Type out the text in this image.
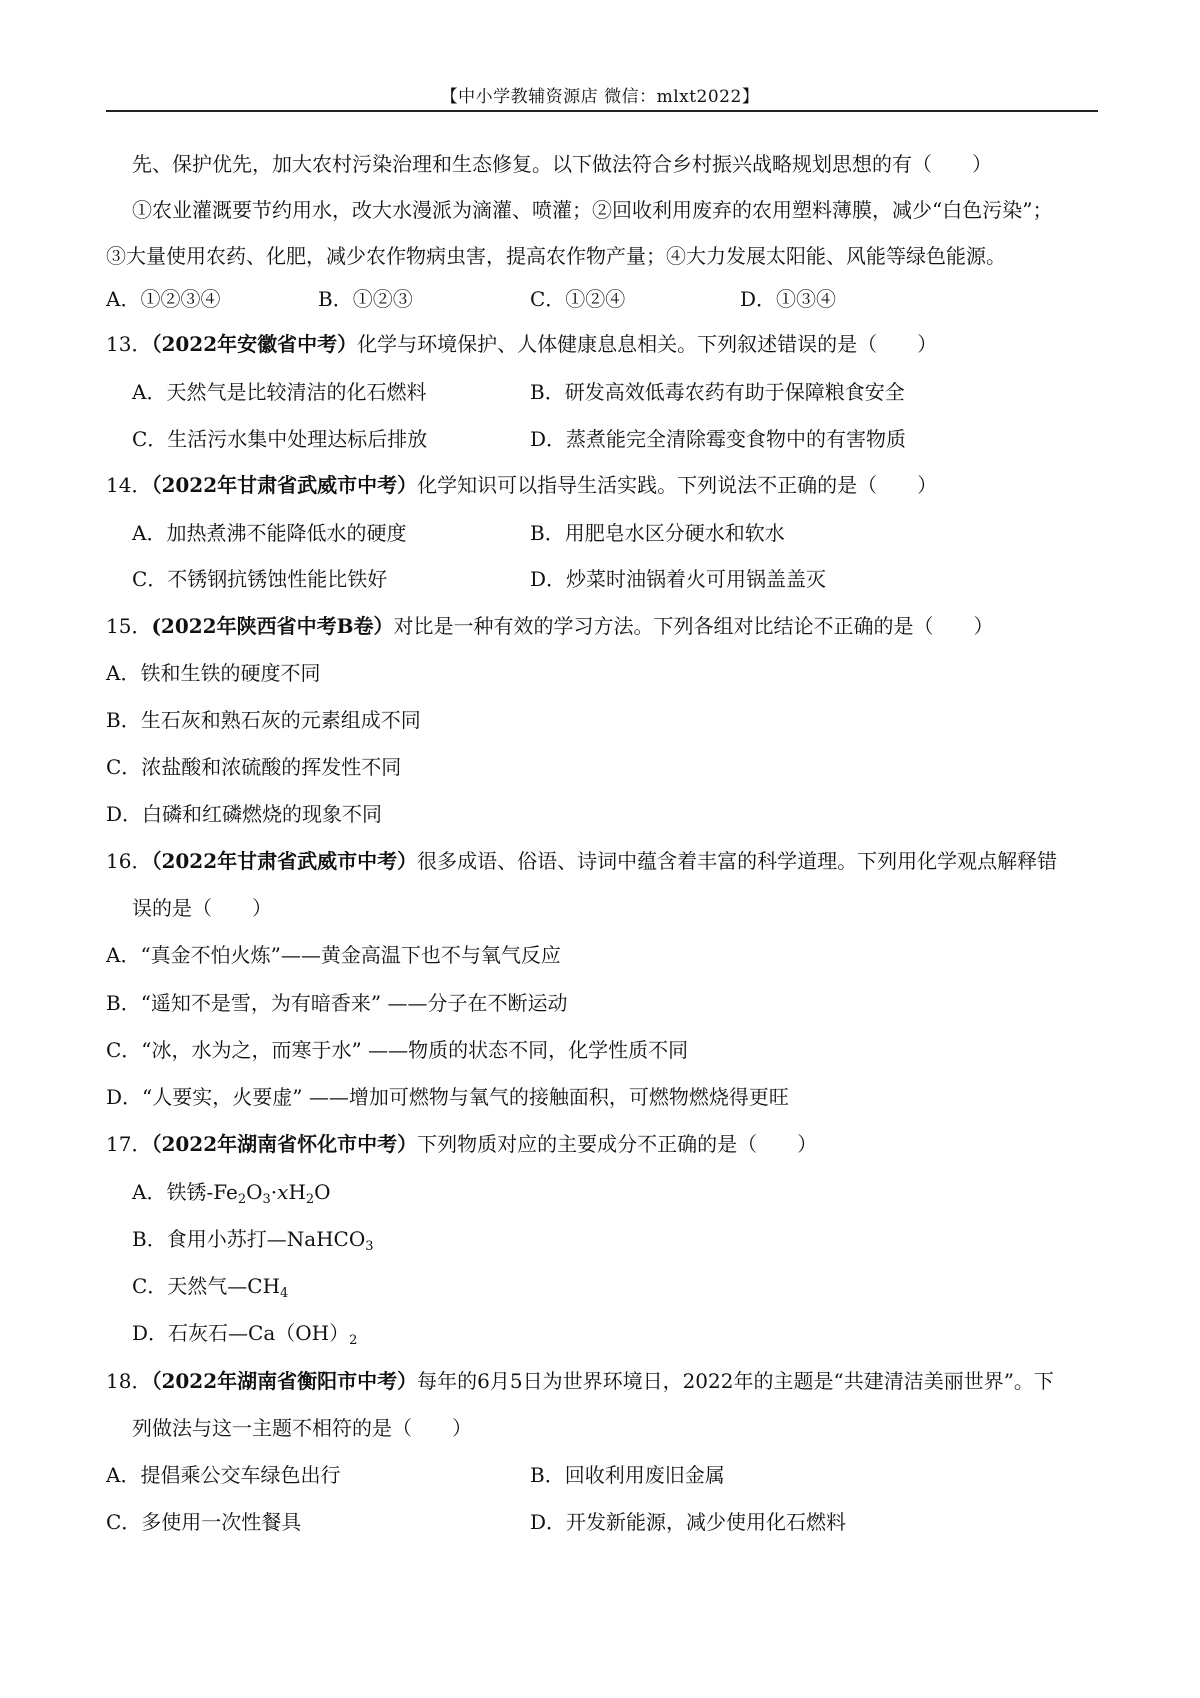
【中小学教辅资源店 微信：mlxt2022】
先、保护优先，加大农村污染治理和生态修复。以下做法符合乡村振兴战略规划思想的有（　　）
①农业灌溉要节约用水，改大水漫派为滴灌、喷灌；②回收利用废弃的农用塑料薄膜，减少“白色污染”；
③大量使用农药、化肥，减少农作物病虫害，提高农作物产量；④大力发展太阳能、风能等绿色能源。
A．①②③④	B．①②③	C．①②④	D．①③④
13．（2022年安徽省中考）化学与环境保护、人体健康息息相关。下列叙述错误的是（　　）
A．天然气是比较清洁的化石燃料	B．研发高效低毒农药有助于保障粮食安全
C．生活污水集中处理达标后排放	D．蒸煮能完全清除霉变食物中的有害物质
14．（2022年甘肃省武威市中考）化学知识可以指导生活实践。下列说法不正确的是（　　）
A．加热煮沸不能降低水的硬度	B．用肥皂水区分硬水和软水
C．不锈钢抗锈蚀性能比铁好	D．炒菜时油锅着火可用锅盖盖灭
15．(2022年陕西省中考B卷）对比是一种有效的学习方法。下列各组对比结论不正确的是（　　）
A．铁和生铁的硬度不同
B．生石灰和熟石灰的元素组成不同
C．浓盐酸和浓硫酸的挥发性不同
D．白磷和红磷燃烧的现象不同
16．（2022年甘肃省武威市中考）很多成语、俗语、诗词中蕴含着丰富的科学道理。下列用化学观点解释错
误的是（　　）
A．“真金不怕火炼”——黄金高温下也不与氧气反应
B．“遥知不是雪，为有暗香来” ——分子在不断运动
C．“冰，水为之，而寒于水” ——物质的状态不同，化学性质不同
D．“人要实，火要虚” ——增加可燃物与氧气的接触面积，可燃物燃烧得更旺
17．（2022年湖南省怀化市中考）下列物质对应的主要成分不正确的是（　　）
A．铁锈$-Fe_2O_3\cdot xH_2O$
B．食用小苏打—NaHCO$_3$
C．天然气$—CH_4$
D．石灰石$—Ca(OH)_2$
18．（2022年湖南省衡阳市中考）每年的6月5日为世界环境日，2022年的主题是“共建清洁美丽世界”。下
列做法与这一主题不相符的是（　　）
A．提倡乘公交车绿色出行	B．回收利用废旧金属
C．多使用一次性餐具	D．开发新能源，减少使用化石燃料
